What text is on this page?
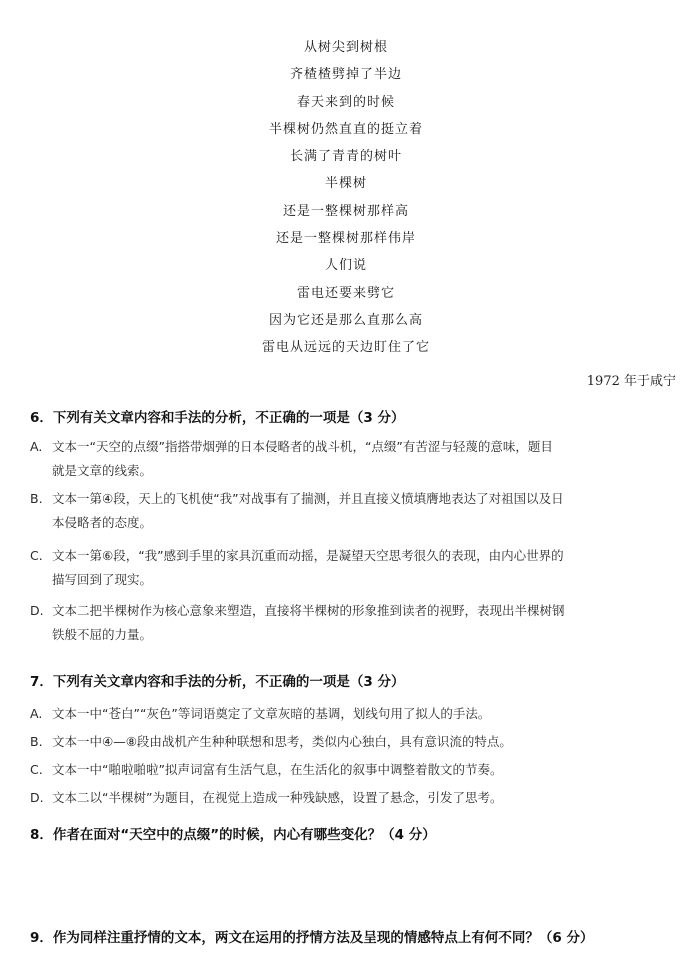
从树尖到树根
齐楂楂劈掉了半边
春天来到的时候
半棵树仍然直直的挺立着
长满了青青的树叶
半棵树
还是一整棵树那样高
还是一整棵树那样伟岸
人们说
雷电还要来劈它
因为它还是那么直那么高
雷电从远远的天边盯住了它
1972 年于咸宁
6．下列有关文章内容和手法的分析，不正确的一项是（3 分）
A. 文本一“天空的点缀”指搭带烟弹的日本侵略者的战斗机，“点缀”有苦涩与轻蔑的意味，题目
就是文章的线索。
B. 文本一第④段，天上的飞机使“我”对战事有了揣测，并且直接义愤填膺地表达了对祖国以及日
本侵略者的态度。
C. 文本一第⑥段，“我”感到手里的家具沉重而动摇，是凝望天空思考很久的表现，由内心世界的
描写回到了现实。
D. 文本二把半棵树作为核心意象来塑造，直接将半棵树的形象推到读者的视野，表现出半棵树钢
铁般不屈的力量。
7．下列有关文章内容和手法的分析，不正确的一项是（3 分）
A. 文本一中“苍白”“灰色”等词语奠定了文章灰暗的基调，划线句用了拟人的手法。
B. 文本一中④—⑧段由战机产生种种联想和思考，类似内心独白，具有意识流的特点。
C. 文本一中“啪啦啪啦”拟声词富有生活气息，在生活化的叙事中调整着散文的节奏。
D. 文本二以“半棵树”为题目，在视觉上造成一种残缺感，设置了悬念，引发了思考。
8．作者在面对“天空中的点缀”的时候，内心有哪些变化？（4 分）
9．作为同样注重抒情的文本，两文在运用的抒情方法及呈现的情感特点上有何不同？（6 分）
